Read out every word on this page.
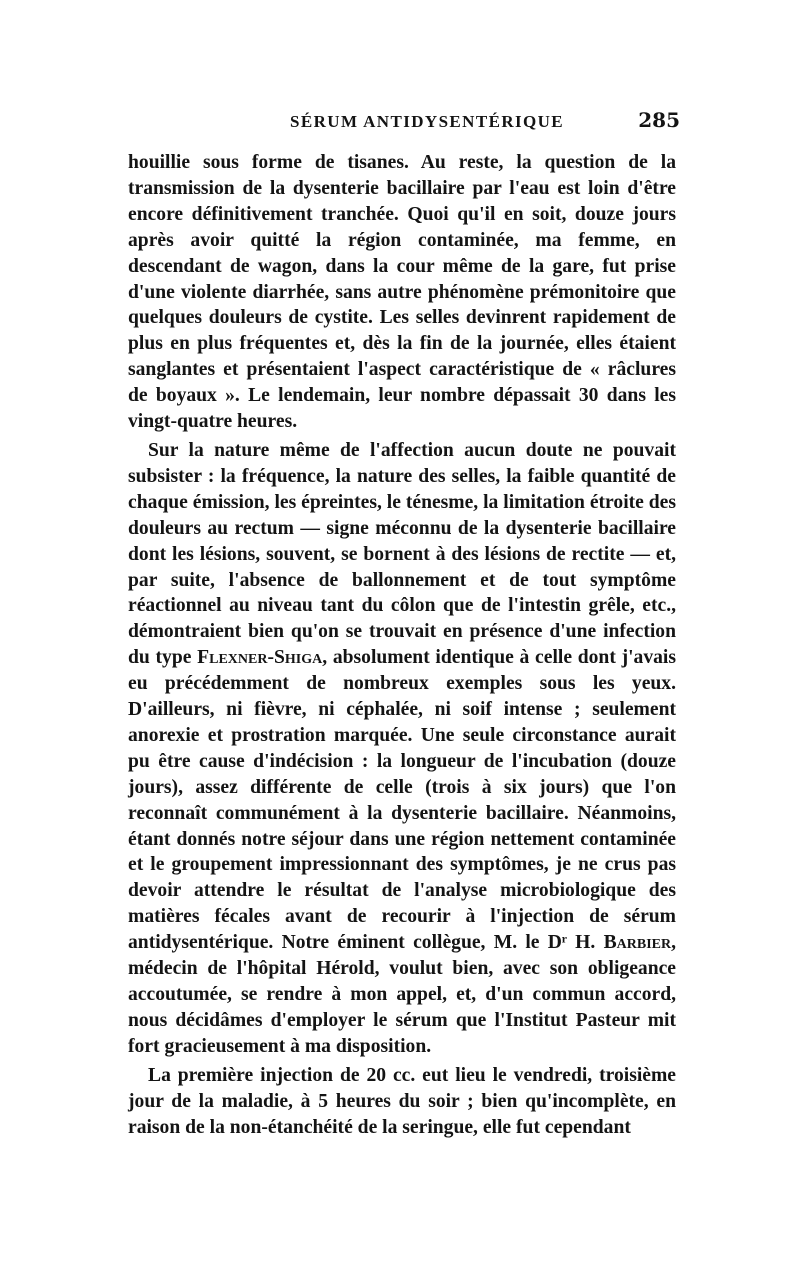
SÉRUM ANTIDYSENTÉRIQUE	285

houillie sous forme de tisanes. Au reste, la question de la transmission de la dysenterie bacillaire par l'eau est loin d'être encore définitivement tranchée. Quoi qu'il en soit, douze jours après avoir quitté la région contaminée, ma femme, en descendant de wagon, dans la cour même de la gare, fut prise d'une violente diarrhée, sans autre phénomène prémonitoire que quelques douleurs de cystite. Les selles devinrent rapidement de plus en plus fréquentes et, dès la fin de la journée, elles étaient sanglantes et présentaient l'aspect caractéristique de « râclures de boyaux ». Le lendemain, leur nombre dépassait 30 dans les vingt-quatre heures.

Sur la nature même de l'affection aucun doute ne pouvait subsister : la fréquence, la nature des selles, la faible quantité de chaque émission, les épreintes, le ténesme, la limitation étroite des douleurs au rectum — signe méconnu de la dysenterie bacillaire dont les lésions, souvent, se bornent à des lésions de rectite — et, par suite, l'absence de ballonnement et de tout symptôme réactionnel au niveau tant du côlon que de l'intestin grêle, etc., démontraient bien qu'on se trouvait en présence d'une infection du type Flexner-Shiga, absolument identique à celle dont j'avais eu précédemment de nombreux exemples sous les yeux. D'ailleurs, ni fièvre, ni céphalée, ni soif intense ; seulement anorexie et prostration marquée. Une seule circonstance aurait pu être cause d'indécision : la longueur de l'incubation (douze jours), assez différente de celle (trois à six jours) que l'on reconnaît communément à la dysenterie bacillaire. Néanmoins, étant donnés notre séjour dans une région nettement contaminée et le groupement impressionnant des symptômes, je ne crus pas devoir attendre le résultat de l'analyse microbiologique des matières fécales avant de recourir à l'injection de sérum antidysentérique. Notre éminent collègue, M. le Dʳ H. Barbier, médecin de l'hôpital Hérold, voulut bien, avec son obligeance accoutumée, se rendre à mon appel, et, d'un commun accord, nous décidâmes d'employer le sérum que l'Institut Pasteur mit fort gracieusement à ma disposition.

La première injection de 20 cc. eut lieu le vendredi, troisième jour de la maladie, à 5 heures du soir ; bien qu'incomplète, en raison de la non-étanchéité de la seringue, elle fut cependant
